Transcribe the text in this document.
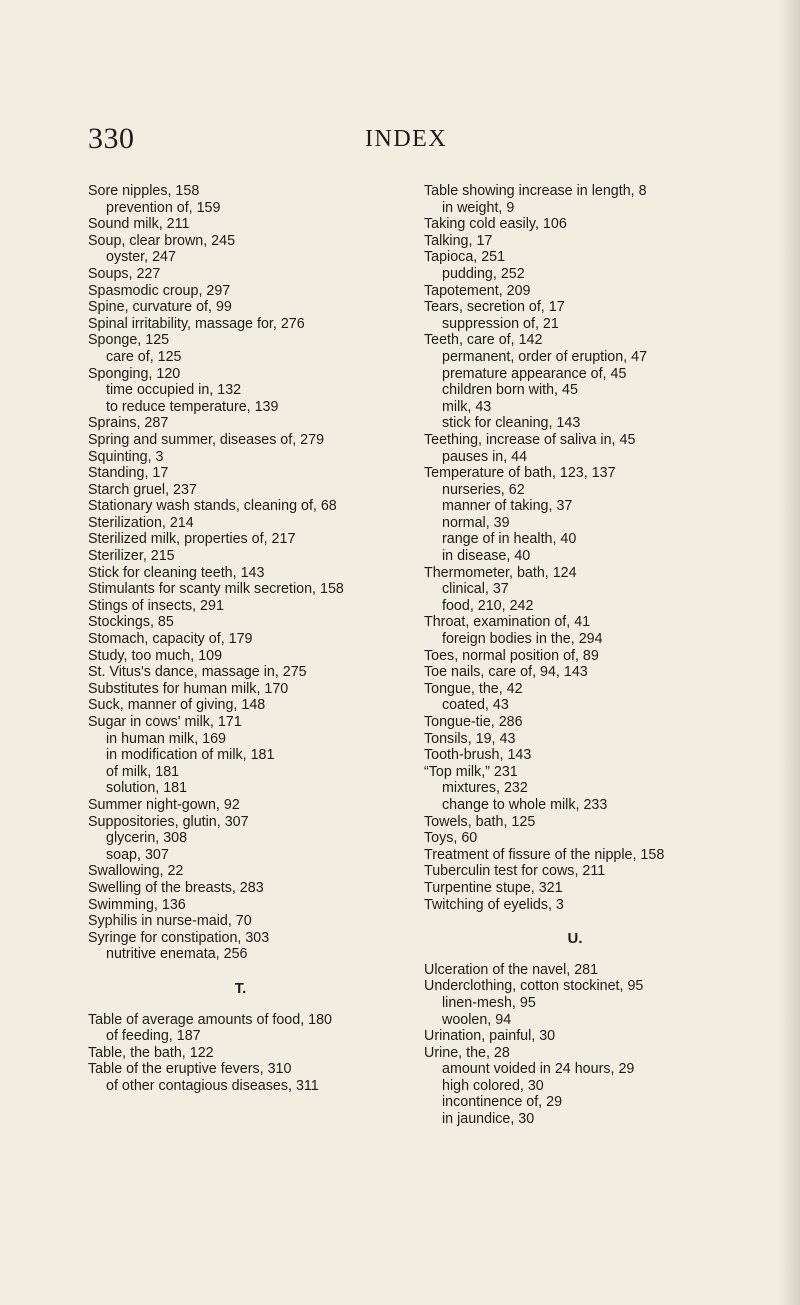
330	INDEX
Sore nipples, 158
prevention of, 159
Sound milk, 211
Soup, clear brown, 245
oyster, 247
Soups, 227
Spasmodic croup, 297
Spine, curvature of, 99
Spinal irritability, massage for, 276
Sponge, 125
care of, 125
Sponging, 120
time occupied in, 132
to reduce temperature, 139
Sprains, 287
Spring and summer, diseases of, 279
Squinting, 3
Standing, 17
Starch gruel, 237
Stationary wash stands, cleaning of, 68
Sterilization, 214
Sterilized milk, properties of, 217
Sterilizer, 215
Stick for cleaning teeth, 143
Stimulants for scanty milk secretion, 158
Stings of insects, 291
Stockings, 85
Stomach, capacity of, 179
Study, too much, 109
St. Vitus's dance, massage in, 275
Substitutes for human milk, 170
Suck, manner of giving, 148
Sugar in cows' milk, 171
in human milk, 169
in modification of milk, 181
of milk, 181
solution, 181
Summer night-gown, 92
Suppositories, glutin, 307
glycerin, 308
soap, 307
Swallowing, 22
Swelling of the breasts, 283
Swimming, 136
Syphilis in nurse-maid, 70
Syringe for constipation, 303
nutritive enemata, 256
T.
Table of average amounts of food, 180
of feeding, 187
Table, the bath, 122
Table of the eruptive fevers, 310
of other contagious diseases, 311
Table showing increase in length, 8
in weight, 9
Taking cold easily, 106
Talking, 17
Tapioca, 251
pudding, 252
Tapotement, 209
Tears, secretion of, 17
suppression of, 21
Teeth, care of, 142
permanent, order of eruption, 47
premature appearance of, 45
children born with, 45
milk, 43
stick for cleaning, 143
Teething, increase of saliva in, 45
pauses in, 44
Temperature of bath, 123, 137
nurseries, 62
manner of taking, 37
normal, 39
range of in health, 40
in disease, 40
Thermometer, bath, 124
clinical, 37
food, 210, 242
Throat, examination of, 41
foreign bodies in the, 294
Toes, normal position of, 89
Toe nails, care of, 94, 143
Tongue, the, 42
coated, 43
Tongue-tie, 286
Tonsils, 19, 43
Tooth-brush, 143
“Top milk,” 231
mixtures, 232
change to whole milk, 233
Towels, bath, 125
Toys, 60
Treatment of fissure of the nipple, 158
Tuberculin test for cows, 211
Turpentine stupe, 321
Twitching of eyelids, 3
U.
Ulceration of the navel, 281
Underclothing, cotton stockinet, 95
linen-mesh, 95
woolen, 94
Urination, painful, 30
Urine, the, 28
amount voided in 24 hours, 29
high colored, 30
incontinence of, 29
in jaundice, 30
